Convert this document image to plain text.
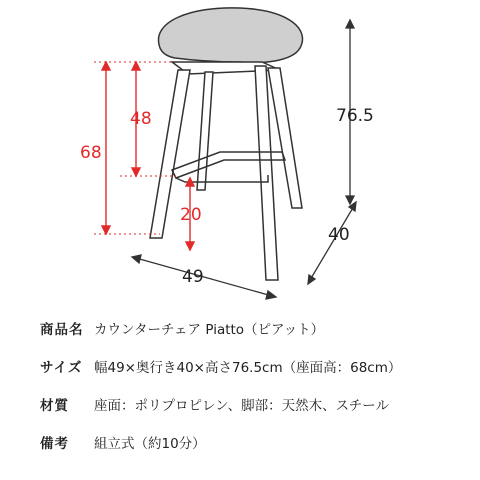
68
48
20
76.5
40
49
商品名 カウンターチェア Piatto（ピアット）
サイズ 幅49×奥行き40×高さ76.5cm（座面高：68cm）
材質	座面：ポリプロピレン、脚部：天然木、スチール
備考	組立式（約10分）
